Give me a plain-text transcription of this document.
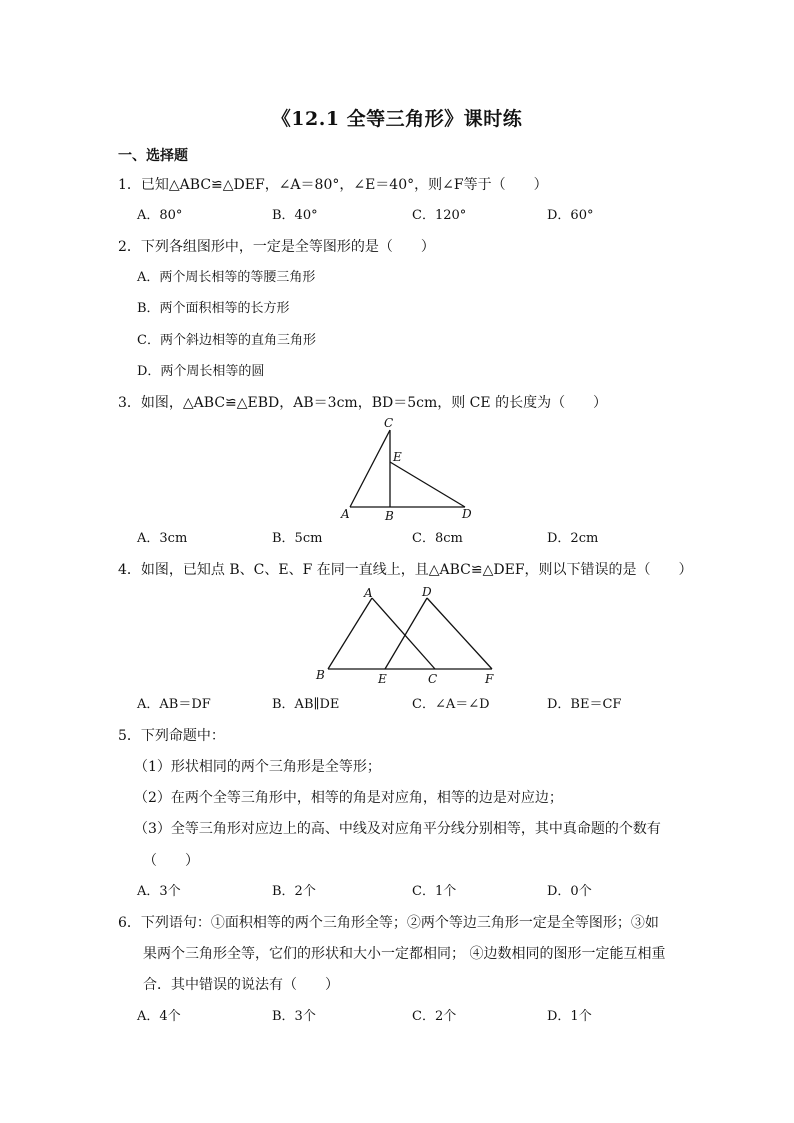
《12.1 全等三角形》课时练
一、选择题
1．已知△ABC≌△DEF，∠A＝80°，∠E＝40°，则∠F等于（　　）
A．80°	B．40°	C．120°	D．60°
2．下列各组图形中，一定是全等图形的是（　　）
A．两个周长相等的等腰三角形
B．两个面积相等的长方形
C．两个斜边相等的直角三角形
D．两个周长相等的圆
3．如图，△ABC≌△EBD，AB＝3cm，BD＝5cm，则 CE 的长度为（　　）
C
E
A	B	D
A．3cm	B．5cm	C．8cm	D．2cm
4．如图，已知点 B、C、E、F 在同一直线上，且△ABC≌△DEF，则以下错误的是（　　）
A	D
B	E	C	F
A．AB＝DF	B．AB∥DE	C．∠A＝∠D	D．BE＝CF
5．下列命题中：
（1）形状相同的两个三角形是全等形；
（2）在两个全等三角形中，相等的角是对应角，相等的边是对应边；
（3）全等三角形对应边上的高、中线及对应角平分线分别相等，其中真命题的个数有
（　　）
A．3个	B．2个	C．1个	D．0个
6．下列语句：①面积相等的两个三角形全等；②两个等边三角形一定是全等图形；③如
果两个三角形全等，它们的形状和大小一定都相同； ④边数相同的图形一定能互相重
合．其中错误的说法有（　　）
A．4个	B．3个	C．2个	D．1个
